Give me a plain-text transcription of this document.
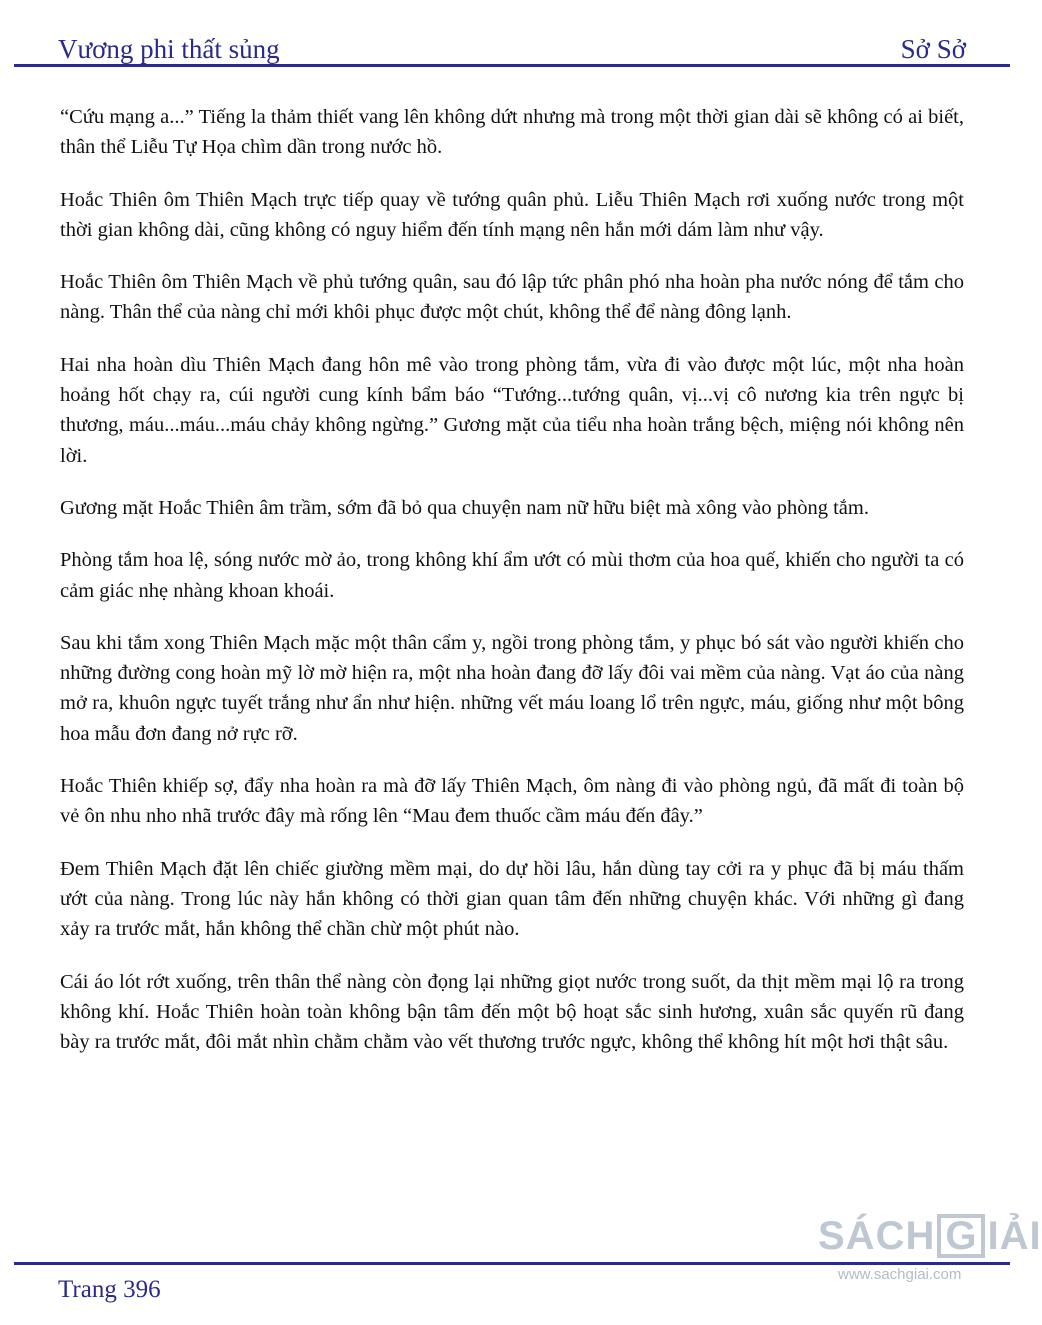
Vương phi thất sủng	Sở Sở

“Cứu mạng a...” Tiếng la thảm thiết vang lên không dứt nhưng mà trong một thời gian dài sẽ không có ai biết, thân thể Liễu Tự Họa chìm dần trong nước hồ.

Hoắc Thiên ôm Thiên Mạch trực tiếp quay về tướng quân phủ. Liễu Thiên Mạch rơi xuống nước trong một thời gian không dài, cũng không có nguy hiểm đến tính mạng nên hắn mới dám làm như vậy.

Hoắc Thiên ôm Thiên Mạch về phủ tướng quân, sau đó lập tức phân phó nha hoàn pha nước nóng để tắm cho nàng. Thân thể của nàng chỉ mới khôi phục được một chút, không thể để nàng đông lạnh.

Hai nha hoàn dìu Thiên Mạch đang hôn mê vào trong phòng tắm, vừa đi vào được một lúc, một nha hoàn hoảng hốt chạy ra, cúi người cung kính bẩm báo “Tướng...tướng quân, vị...vị cô nương kia trên ngực bị thương, máu...máu...máu chảy không ngừng.” Gương mặt của tiểu nha hoàn trắng bệch, miệng nói không nên lời.

Gương mặt Hoắc Thiên âm trầm, sớm đã bỏ qua chuyện nam nữ hữu biệt mà xông vào phòng tắm.

Phòng tắm hoa lệ, sóng nước mờ ảo, trong không khí ẩm ướt có mùi thơm của hoa quế, khiến cho người ta có cảm giác nhẹ nhàng khoan khoái.

Sau khi tắm xong Thiên Mạch mặc một thân cẩm y, ngồi trong phòng tắm, y phục bó sát vào người khiến cho những đường cong hoàn mỹ lờ mờ hiện ra, một nha hoàn đang đỡ lấy đôi vai mềm của nàng. Vạt áo của nàng mở ra, khuôn ngực tuyết trắng như ẩn như hiện. những vết máu loang lổ trên ngực, máu, giống như một bông hoa mẫu đơn đang nở rực rỡ.

Hoắc Thiên khiếp sợ, đẩy nha hoàn ra mà đỡ lấy Thiên Mạch, ôm nàng đi vào phòng ngủ, đã mất đi toàn bộ vẻ ôn nhu nho nhã trước đây mà rống lên “Mau đem thuốc cầm máu đến đây.”

Đem Thiên Mạch đặt lên chiếc giường mềm mại, do dự hồi lâu, hắn dùng tay cởi ra y phục đã bị máu thấm ướt của nàng. Trong lúc này hắn không có thời gian quan tâm đến những chuyện khác. Với những gì đang xảy ra trước mắt, hắn không thể chần chừ một phút nào.

Cái áo lót rớt xuống, trên thân thể nàng còn đọng lại những giọt nước trong suốt, da thịt mềm mại lộ ra trong không khí. Hoắc Thiên hoàn toàn không bận tâm đến một bộ hoạt sắc sinh hương, xuân sắc quyến rũ đang bày ra trước mắt, đôi mắt nhìn chằm chằm vào vết thương trước ngực, không thể không hít một hơi thật sâu.

Trang 396
SÁCH G IẢI
www.sachgiai.com
